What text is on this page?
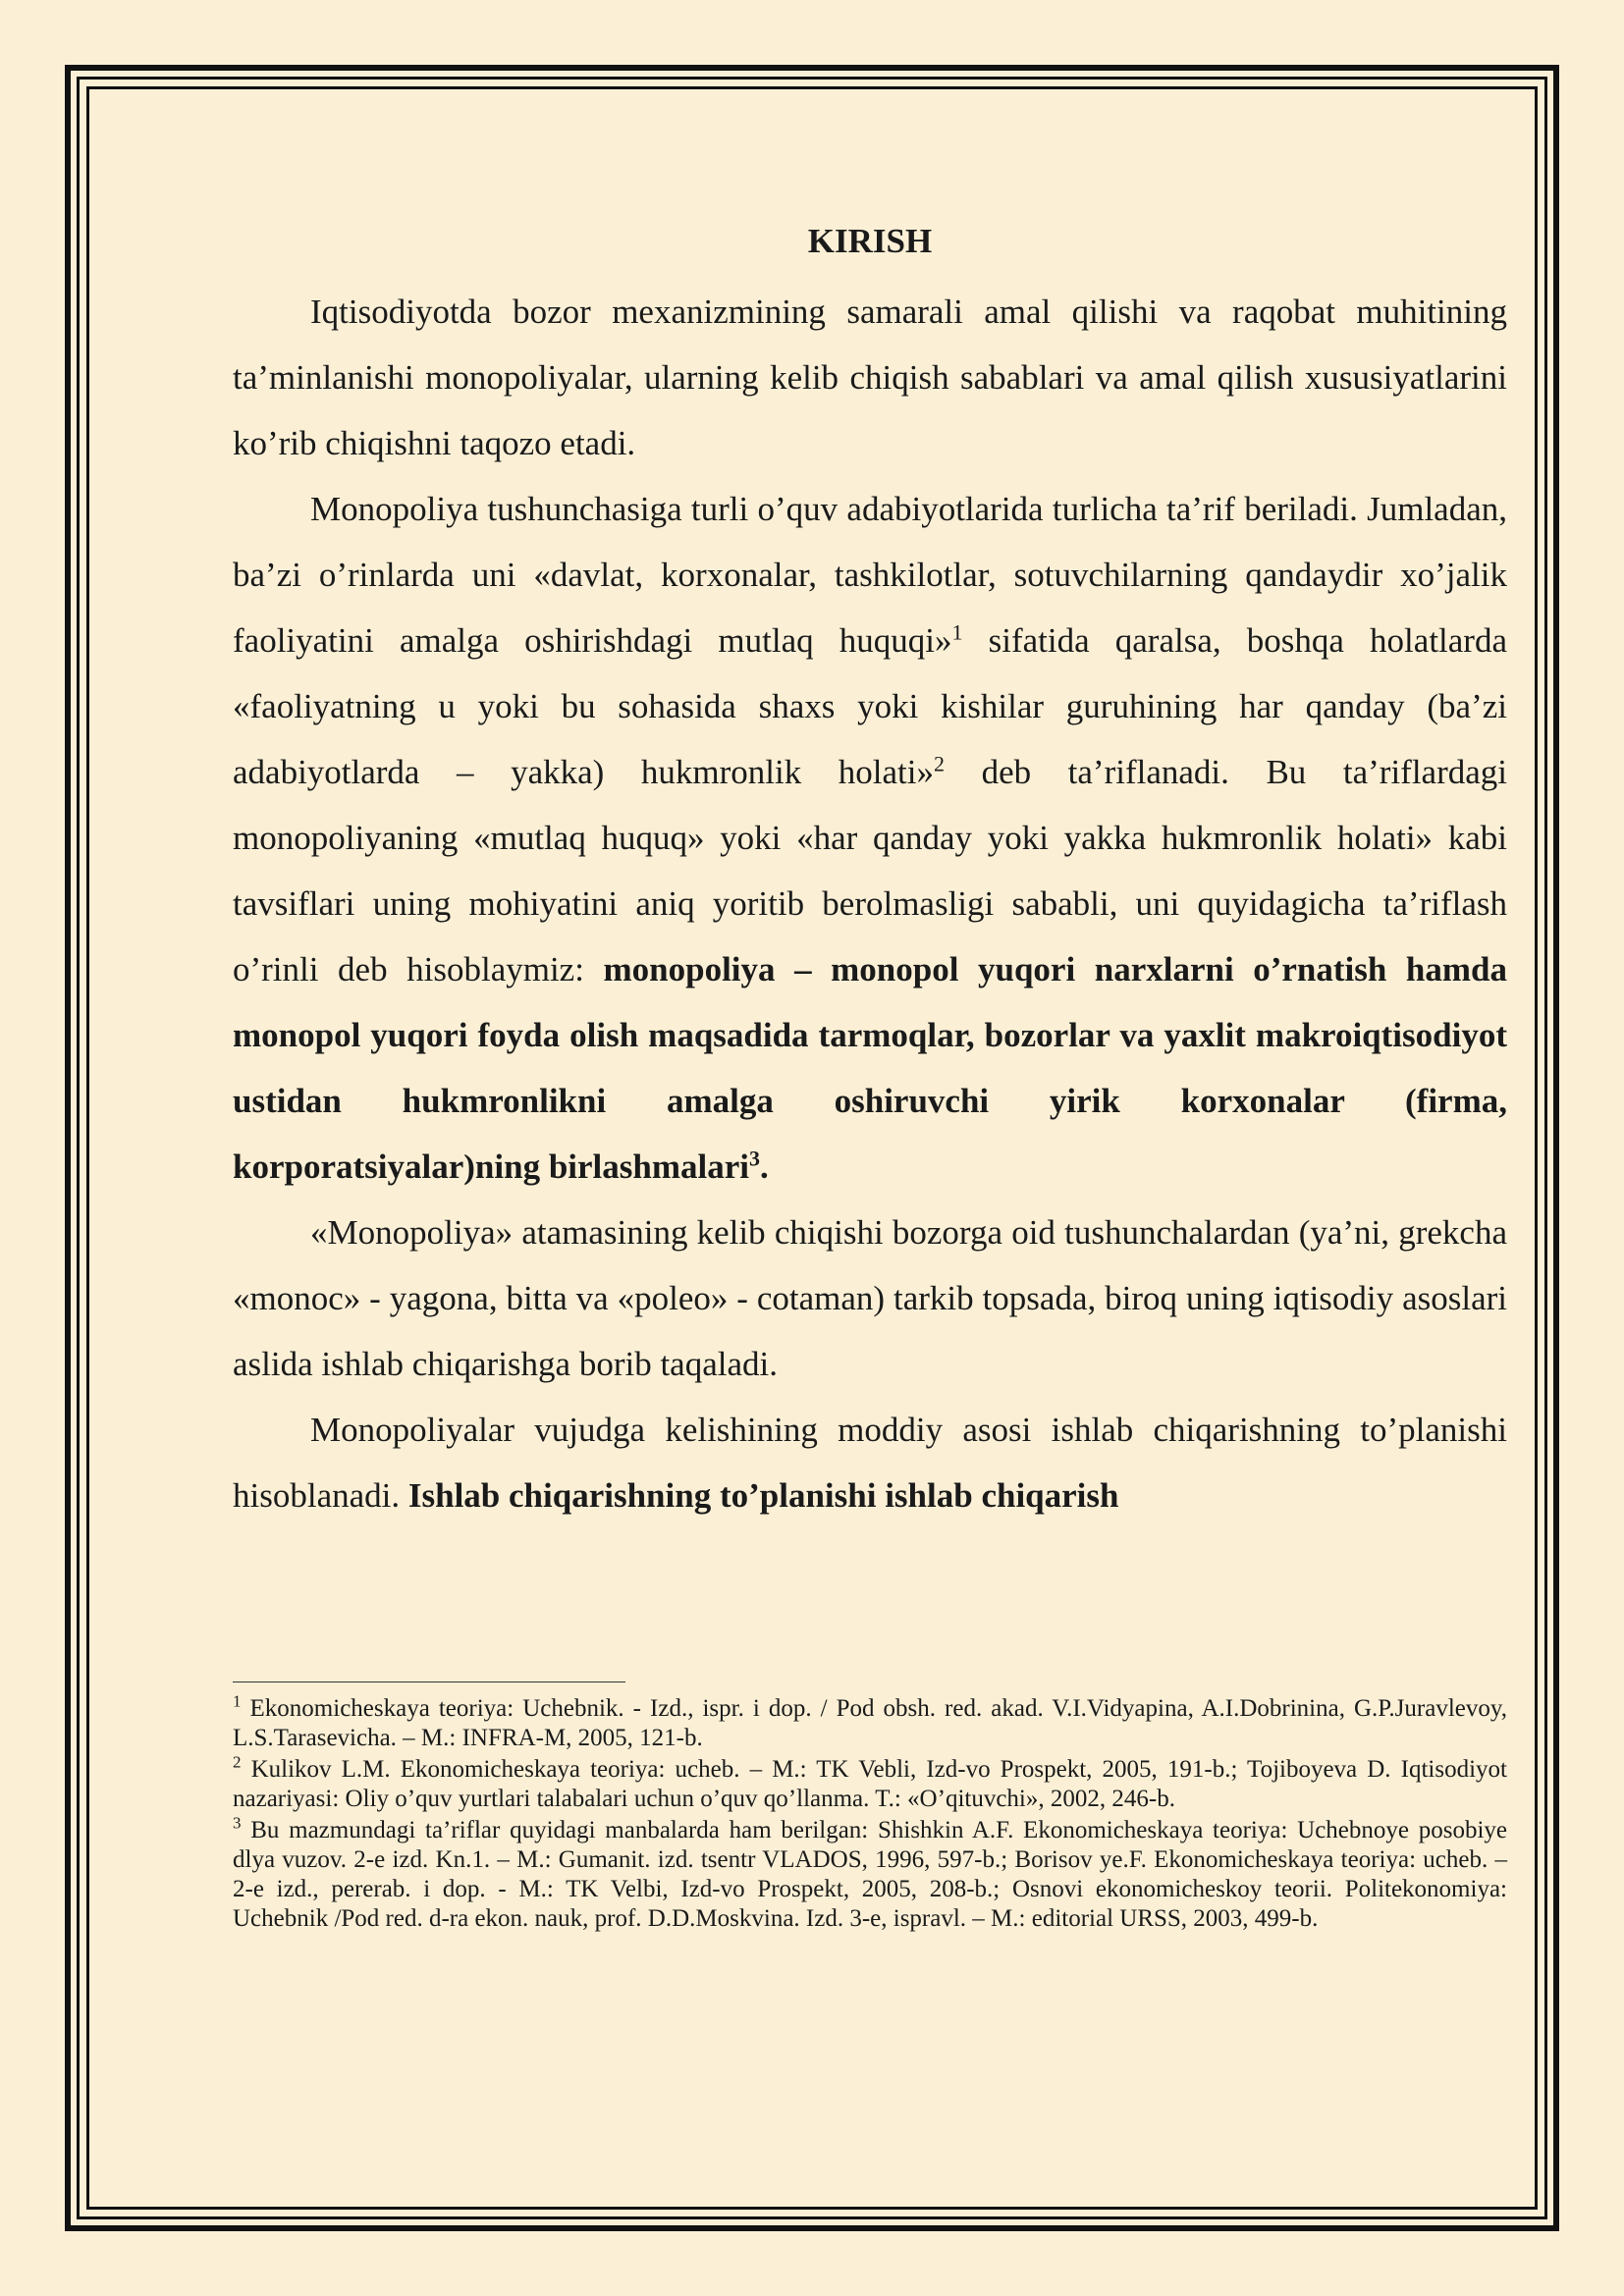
KIRISH

Iqtisodiyotda bozor mexanizmining samarali amal qilishi va raqobat muhitining ta’minlanishi monopoliyalar, ularning kelib chiqish sabablari va amal qilish xususiyatlarini ko’rib chiqishni taqozo etadi.

Monopoliya tushunchasiga turli o’quv adabiyotlarida turlicha ta’rif beriladi. Jumladan, ba’zi o’rinlarda uni «davlat, korxonalar, tashkilotlar, sotuvchilarning qandaydir xo’jalik faoliyatini amalga oshirishdagi mutlaq huquqi»$^1$ sifatida qaralsa, boshqa holatlarda «faoliyatning u yoki bu sohasida shaxs yoki kishilar guruhining har qanday (ba’zi adabiyotlarda – yakka) hukmronlik holati»$^2$ deb ta’riflanadi. Bu ta’riflardagi monopoliyaning «mutlaq huquq» yoki «har qanday yoki yakka hukmronlik holati» kabi tavsiflari uning mohiyatini aniq yoritib berolmasligi sababli, uni quyidagicha ta’riflash o’rinli deb hisoblaymiz: monopoliya – monopol yuqori narxlarni o’rnatish hamda monopol yuqori foyda olish maqsadida tarmoqlar, bozorlar va yaxlit makroiqtisodiyot ustidan hukmronlikni amalga oshiruvchi yirik korxonalar (firma, korporatsiyalar)ning birlashmalari$^3$.

«Monopoliya» atamasining kelib chiqishi bozorga oid tushunchalardan (ya’ni, grekcha «monoc» - yagona, bitta va «poleo» - cotaman) tarkib topsada, biroq uning iqtisodiy asoslari aslida ishlab chiqarishga borib taqaladi.

Monopoliyalar vujudga kelishining moddiy asosi ishlab chiqarishning to’planishi hisoblanadi. Ishlab chiqarishning to’planishi ishlab chiqarish

$^1$ Ekonomicheskaya teoriya: Uchebnik. - Izd., ispr. i dop. / Pod obsh. red. akad. V.I.Vidyapina, A.I.Dobrinina, G.P.Juravlevoy, L.S.Tarasevicha. – M.: INFRA-M, 2005, 121-b.

$^2$ Kulikov L.M. Ekonomicheskaya teoriya: ucheb. – M.: TK Vebli, Izd-vo Prospekt, 2005, 191-b.; Tojiboyeva D. Iqtisodiyot nazariyasi: Oliy o’quv yurtlari talabalari uchun o’quv qo’llanma. T.: «O’qituvchi», 2002, 246-b.

$^3$ Bu mazmundagi ta’riflar quyidagi manbalarda ham berilgan: Shishkin A.F. Ekonomicheskaya teoriya: Uchebnoye posobiye dlya vuzov. 2-e izd. Kn.1. – M.: Gumanit. izd. tsentr VLADOS, 1996, 597-b.; Borisov ye.F. Ekonomicheskaya teoriya: ucheb. – 2-e izd., pererab. i dop. - M.: TK Velbi, Izd-vo Prospekt, 2005, 208-b.; Osnovi ekonomicheskoy teorii. Politekonomiya: Uchebnik /Pod red. d-ra ekon. nauk, prof. D.D.Moskvina. Izd. 3-e, ispravl. – M.: editorial URSS, 2003, 499-b.
